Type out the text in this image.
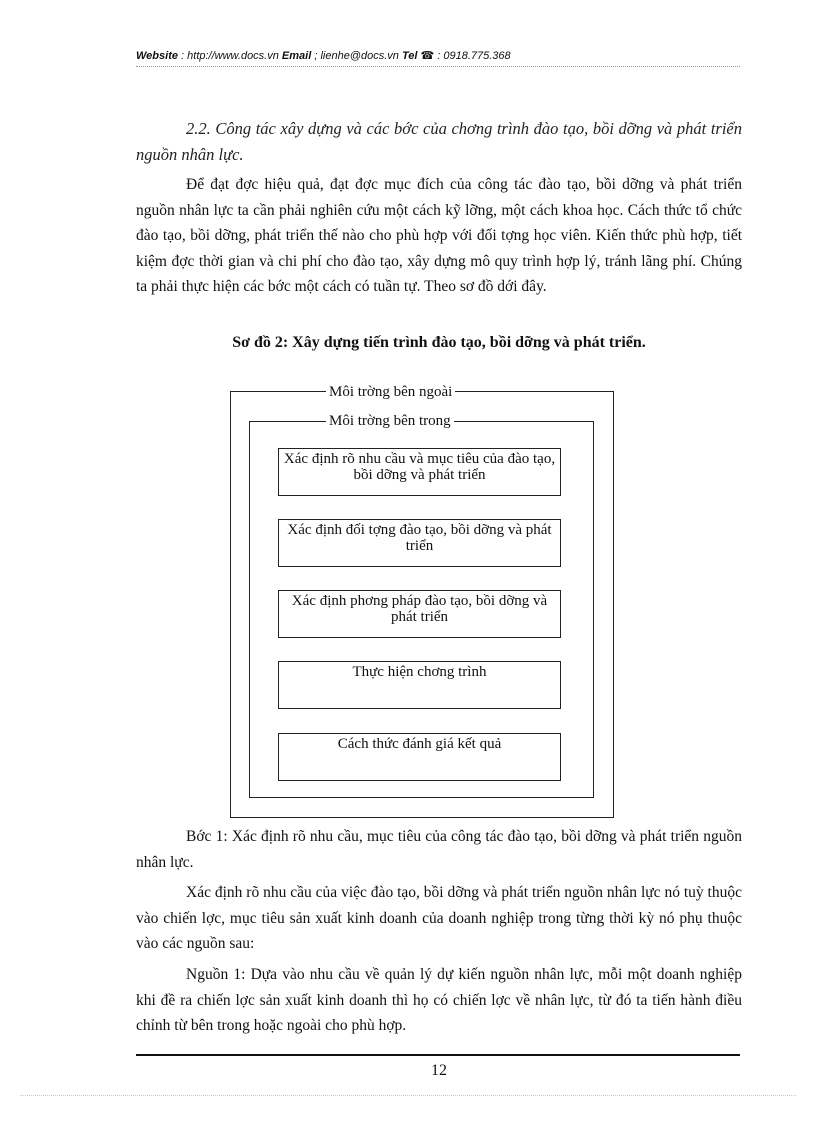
Website : http://www.docs.vn Email ; lienhe@docs.vn Tel ☎ : 0918.775.368
2.2. Công tác xây dựng và các bớc của chơng trình đào tạo, bồi dỡng và phát triển nguồn nhân lực.

Để đạt đợc hiệu quả, đạt đợc mục đích của công tác đào tạo, bồi dỡng và phát triển nguồn nhân lực ta cần phải nghiên cứu một cách kỹ lỡng, một cách khoa học. Cách thức tổ chức đào tạo, bồi dỡng, phát triển thế nào cho phù hợp với đối tợng học viên. Kiến thức phù hợp, tiết kiệm đợc thời gian và chi phí cho đào tạo, xây dựng mô quy trình hợp lý, tránh lãng phí. Chúng ta phải thực hiện các bớc một cách có tuần tự. Theo sơ đồ dới đây.

Sơ đồ 2: Xây dựng tiến trình đào tạo, bồi dỡng và phát triển.
Môi trờng bên ngoài
Môi trờng bên trong
Xác định rõ nhu cầu và mục tiêu của đào tạo, bồi dỡng và phát triển
Xác định đối tợng đào tạo, bồi dỡng và phát triển
Xác định phơng pháp đào tạo, bồi dỡng và phát triển
Thực hiện chơng trình
Cách thức đánh giá kết quả

Bớc 1: Xác định rõ nhu cầu, mục tiêu của công tác đào tạo, bồi dỡng và phát triển nguồn nhân lực.

Xác định rõ nhu cầu của việc đào tạo, bồi dỡng và phát triển nguồn nhân lực nó tuỳ thuộc vào chiến lợc, mục tiêu sản xuất kinh doanh của doanh nghiệp trong từng thời kỳ nó phụ thuộc vào các nguồn sau:

Nguồn 1: Dựa vào nhu cầu về quản lý dự kiến nguồn nhân lực, mỗi một doanh nghiệp khi đề ra chiến lợc sản xuất kinh doanh thì họ có chiến lợc về nhân lực, từ đó ta tiến hành điều chỉnh từ bên trong hoặc ngoài cho phù hợp.

12
